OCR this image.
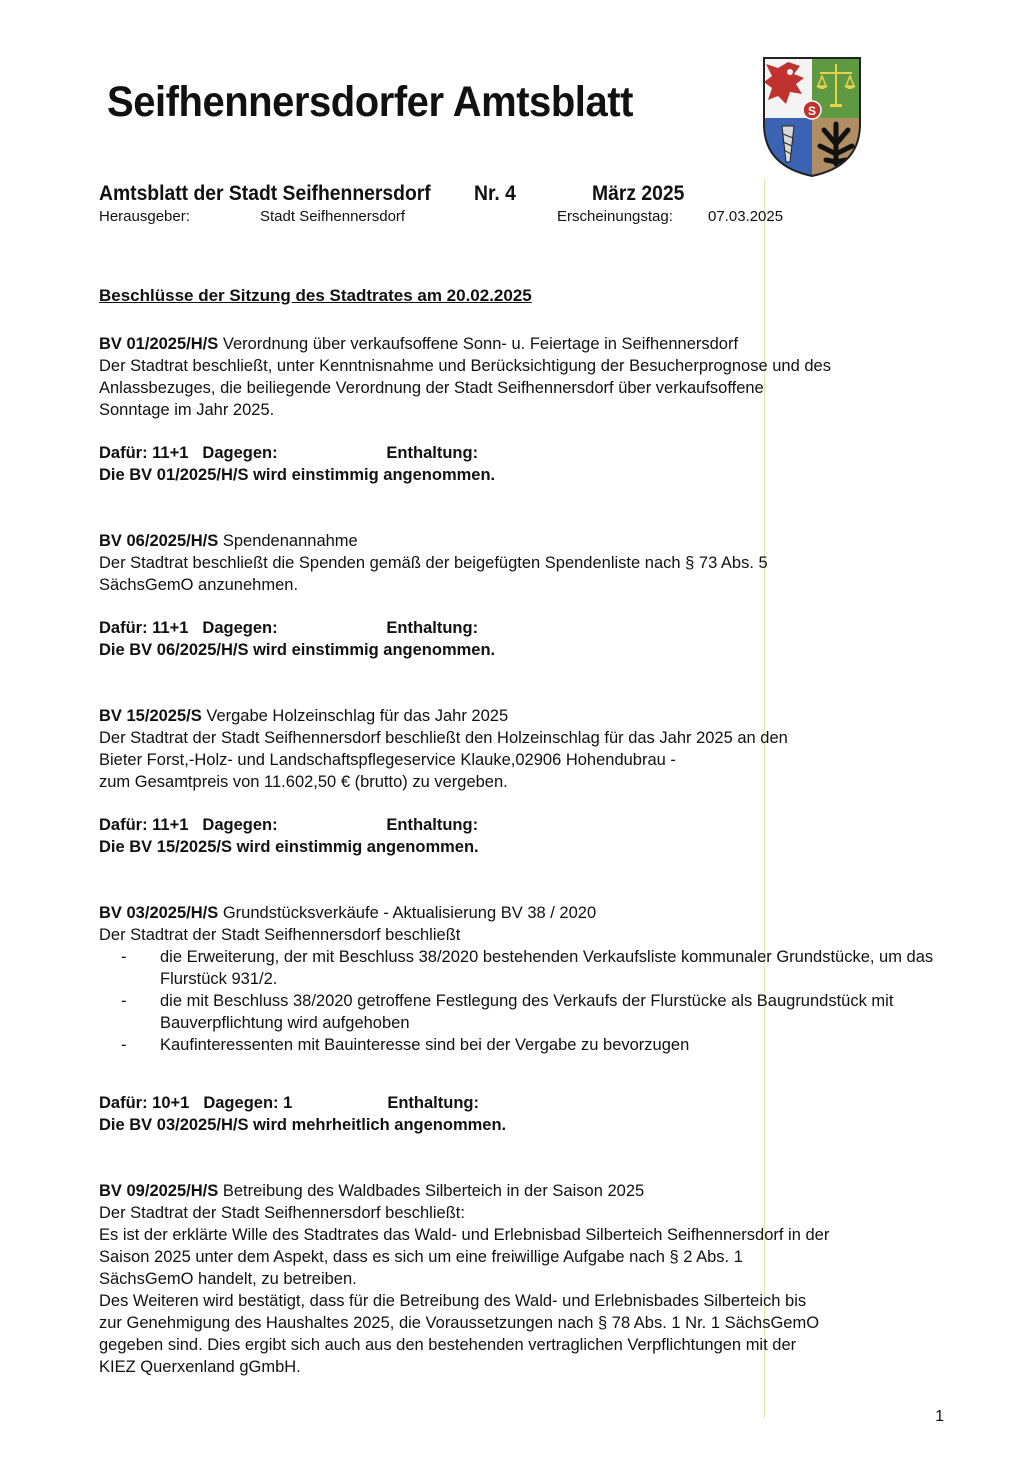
Seifhennersdorfer Amtsblatt	S
Amtsblatt der Stadt Seifhennersdorf Nr. 4	März 2025
Herausgeber:	Stadt Seifhennersdorf	Erscheinungstag: 07.03.2025
Beschlüsse der Sitzung des Stadtrates am 20.02.2025

BV 01/2025/H/S Verordnung über verkaufsoffene Sonn- u. Feiertage in Seifhennersdorf

Der Stadtrat beschließt, unter Kenntnisnahme und Berücksichtigung der Besucherprognose und des

Anlassbezuges, die beiliegende Verordnung der Stadt Seifhennersdorf über verkaufsoffene

Sonntage im Jahr 2025.

Dafür: 11+1 Dagegen:	Enthaltung:

Die BV 01/2025/H/S wird einstimmig angenommen.

BV 06/2025/H/S Spendenannahme

Der Stadtrat beschließt die Spenden gemäß der beigefügten Spendenliste nach § 73 Abs. 5

SächsGemO anzunehmen.

Dafür: 11+1 Dagegen:	Enthaltung:

Die BV 06/2025/H/S wird einstimmig angenommen.

BV 15/2025/S Vergabe Holzeinschlag für das Jahr 2025

Der Stadtrat der Stadt Seifhennersdorf beschließt den Holzeinschlag für das Jahr 2025 an den

Bieter Forst,-Holz- und Landschaftspflegeservice Klauke,02906 Hohendubrau -

zum Gesamtpreis von 11.602,50 € (brutto) zu vergeben.

Dafür: 11+1 Dagegen:	Enthaltung:

Die BV 15/2025/S wird einstimmig angenommen.

BV 03/2025/H/S Grundstücksverkäufe - Aktualisierung BV 38 / 2020

Der Stadtrat der Stadt Seifhennersdorf beschließt

- die Erweiterung, der mit Beschluss 38/2020 bestehenden Verkaufsliste kommunaler Grundstücke, um das Flurstück 931/2.
- die mit Beschluss 38/2020 getroffene Festlegung des Verkaufs der Flurstücke als Baugrundstück mit Bauverpflichtung wird aufgehoben
- Kaufinteressenten mit Bauinteresse sind bei der Vergabe zu bevorzugen

Dafür: 10+1 Dagegen: 1	Enthaltung:

Die BV 03/2025/H/S wird mehrheitlich angenommen.

BV 09/2025/H/S Betreibung des Waldbades Silberteich in der Saison 2025

Der Stadtrat der Stadt Seifhennersdorf beschließt:

Es ist der erklärte Wille des Stadtrates das Wald- und Erlebnisbad Silberteich Seifhennersdorf in der

Saison 2025 unter dem Aspekt, dass es sich um eine freiwillige Aufgabe nach § 2 Abs. 1

SächsGemO handelt, zu betreiben.

Des Weiteren wird bestätigt, dass für die Betreibung des Wald- und Erlebnisbades Silberteich bis

zur Genehmigung des Haushaltes 2025, die Voraussetzungen nach § 78 Abs. 1 Nr. 1 SächsGemO

gegeben sind. Dies ergibt sich auch aus den bestehenden vertraglichen Verpflichtungen mit der

KIEZ Querxenland gGmbH.

1
